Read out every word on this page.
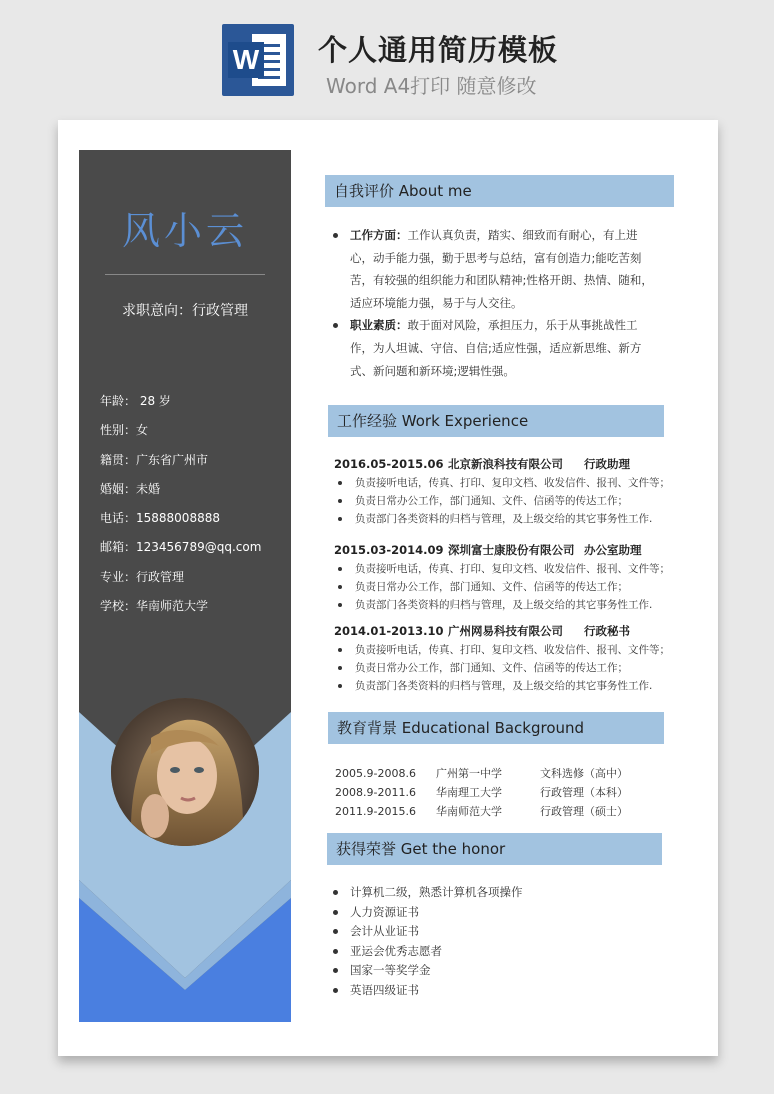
W 个人通用简历模板
Word A4打印 随意修改
风小云
求职意向：行政管理
年龄： 28 岁
性别：女
籍贯：广东省广州市
婚姻：未婚
电话：15888008888
邮箱：123456789@qq.com
专业：行政管理
学校：华南师范大学
自我评价 About me
工作方面：工作认真负责，踏实、细致而有耐心，有上进心，动手能力强，勤于思考与总结，富有创造力;能吃苦刻苦，有较强的组织能力和团队精神;性格开朗、热情、随和，适应环境能力强，易于与人交往。
职业素质：敢于面对风险，承担压力，乐于从事挑战性工作，为人坦诚、守信、自信;适应性强，适应新思维、新方式、新问题和新环境;逻辑性强。
工作经验 Work Experience
2016.05-2015.06 北京新浪科技有限公司 行政助理
负责接听电话，传真、打印、复印文档、收发信件、报刊、文件等；
负责日常办公工作，部门通知、文件、信函等的传达工作；
负责部门各类资料的归档与管理，及上级交给的其它事务性工作.
2015.03-2014.09 深圳富士康股份有限公司 办公室助理
负责接听电话，传真、打印、复印文档、收发信件、报刊、文件等；
负责日常办公工作，部门通知、文件、信函等的传达工作；
负责部门各类资料的归档与管理，及上级交给的其它事务性工作.
2014.01-2013.10 广州网易科技有限公司 行政秘书
负责接听电话，传真、打印、复印文档、收发信件、报刊、文件等；
负责日常办公工作，部门通知、文件、信函等的传达工作；
负责部门各类资料的归档与管理，及上级交给的其它事务性工作.
教育背景 Educational Background
2005.9-2008.6 广州第一中学	文科选修（高中）
2008.9-2011.6 华南理工大学	行政管理（本科）
2011.9-2015.6 华南师范大学	行政管理（硕士）
获得荣誉 Get the honor
计算机二级，熟悉计算机各项操作
人力资源证书
会计从业证书
亚运会优秀志愿者
国家一等奖学金
英语四级证书
